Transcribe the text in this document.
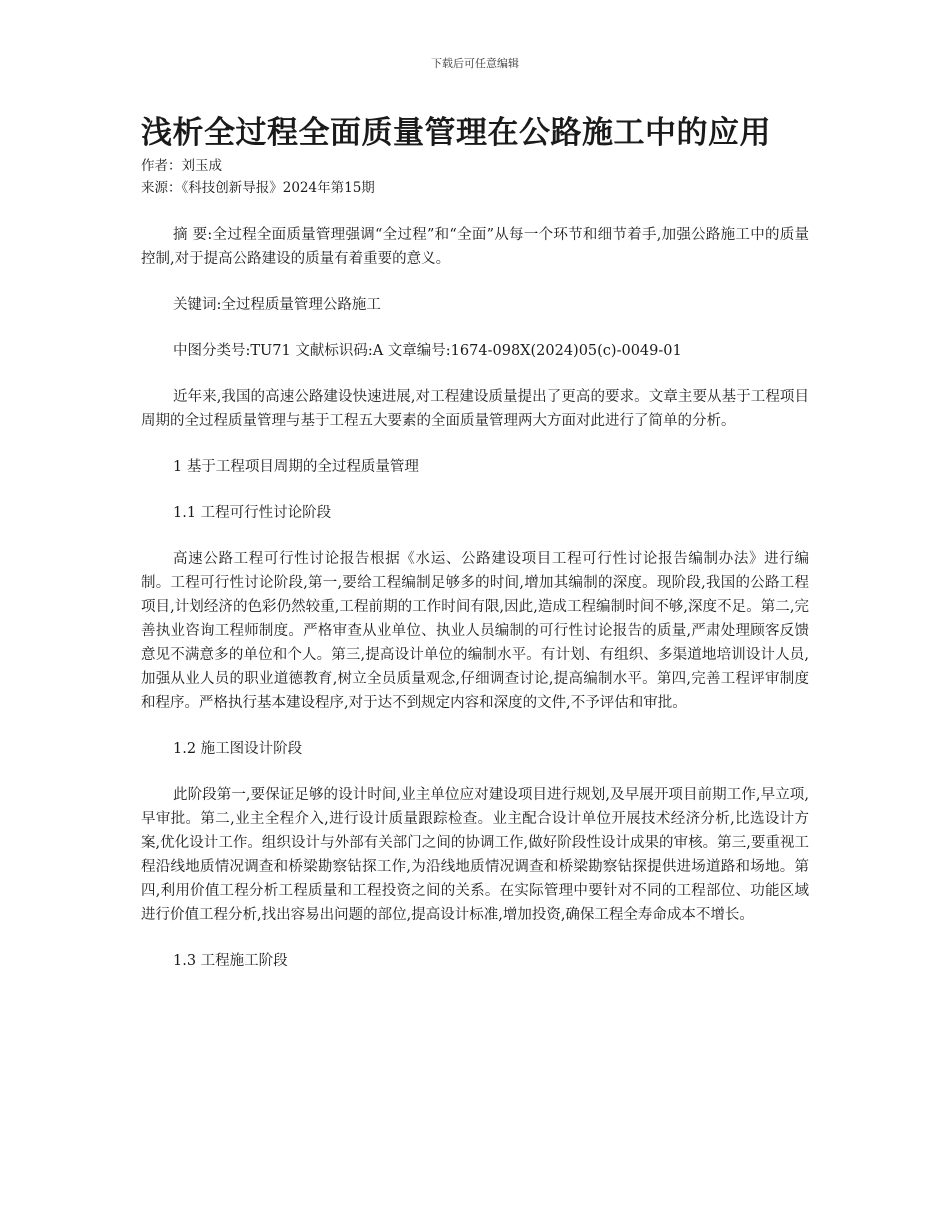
下载后可任意编辑
浅析全过程全面质量管理在公路施工中的应用

作者：刘玉成

来源：《科技创新导报》2024年第15期

摘 要:全过程全面质量管理强调“全过程”和“全面”从每一个环节和细节着手,加强公路施工中的质量控制,对于提高公路建设的质量有着重要的意义。

关键词:全过程质量管理公路施工

中图分类号:TU71 文献标识码:A 文章编号:1674-098X(2024)05(c)-0049-01

近年来,我国的高速公路建设快速进展,对工程建设质量提出了更高的要求。文章主要从基于工程项目周期的全过程质量管理与基于工程五大要素的全面质量管理两大方面对此进行了简单的分析。

1 基于工程项目周期的全过程质量管理

1.1 工程可行性讨论阶段

高速公路工程可行性讨论报告根据《水运、公路建设项目工程可行性讨论报告编制办法》进行编制。工程可行性讨论阶段,第一,要给工程编制足够多的时间,增加其编制的深度。现阶段,我国的公路工程项目,计划经济的色彩仍然较重,工程前期的工作时间有限,因此,造成工程编制时间不够,深度不足。第二,完善执业咨询工程师制度。严格审查从业单位、执业人员编制的可行性讨论报告的质量,严肃处理顾客反馈意见不满意多的单位和个人。第三,提高设计单位的编制水平。有计划、有组织、多渠道地培训设计人员,加强从业人员的职业道德教育,树立全员质量观念,仔细调查讨论,提高编制水平。第四,完善工程评审制度和程序。严格执行基本建设程序,对于达不到规定内容和深度的文件,不予评估和审批。

1.2 施工图设计阶段

此阶段第一,要保证足够的设计时间,业主单位应对建设项目进行规划,及早展开项目前期工作,早立项,早审批。第二,业主全程介入,进行设计质量跟踪检查。业主配合设计单位开展技术经济分析,比选设计方案,优化设计工作。组织设计与外部有关部门之间的协调工作,做好阶段性设计成果的审核。第三,要重视工程沿线地质情况调查和桥梁勘察钻探工作,为沿线地质情况调查和桥梁勘察钻探提供进场道路和场地。第四,利用价值工程分析工程质量和工程投资之间的关系。在实际管理中要针对不同的工程部位、功能区域进行价值工程分析,找出容易出问题的部位,提高设计标准,增加投资,确保工程全寿命成本不增长。

1.3 工程施工阶段
